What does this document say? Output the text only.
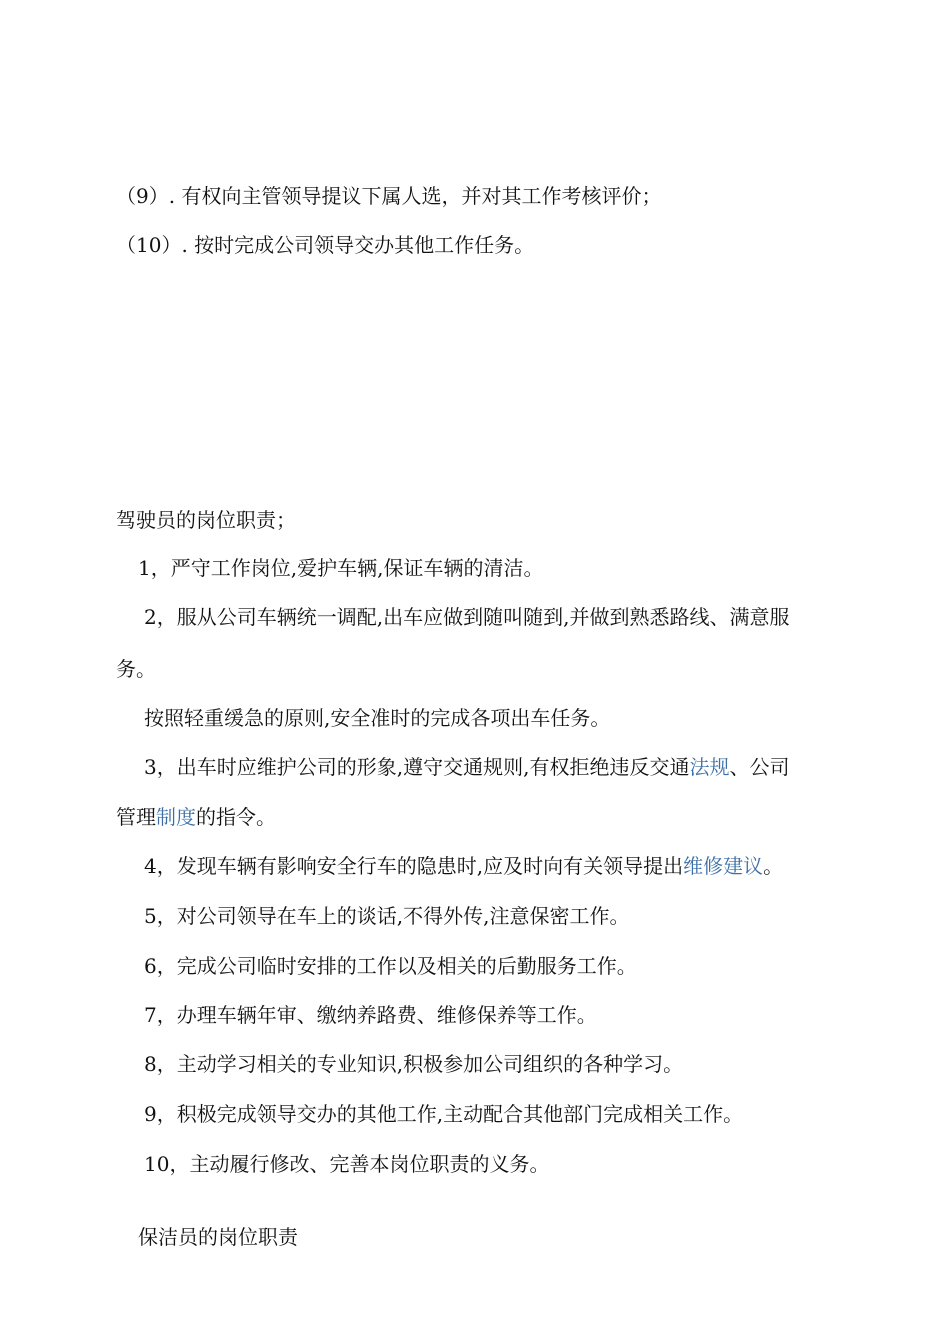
（9）. 有权向主管领导提议下属人选，并对其工作考核评价；
（10）. 按时完成公司领导交办其他工作任务。
驾驶员的岗位职责；
1，严守工作岗位,爱护车辆,保证车辆的清洁。
2，服从公司车辆统一调配,出车应做到随叫随到,并做到熟悉路线、满意服
务。
按照轻重缓急的原则,安全准时的完成各项出车任务。
3，出车时应维护公司的形象,遵守交通规则,有权拒绝违反交通法规、公司
管理制度的指令。
4，发现车辆有影响安全行车的隐患时,应及时向有关领导提出维修建议。
5，对公司领导在车上的谈话,不得外传,注意保密工作。
6，完成公司临时安排的工作以及相关的后勤服务工作。
7，办理车辆年审、缴纳养路费、维修保养等工作。
8，主动学习相关的专业知识,积极参加公司组织的各种学习。
9，积极完成领导交办的其他工作,主动配合其他部门完成相关工作。
10，主动履行修改、完善本岗位职责的义务。
保洁员的岗位职责
